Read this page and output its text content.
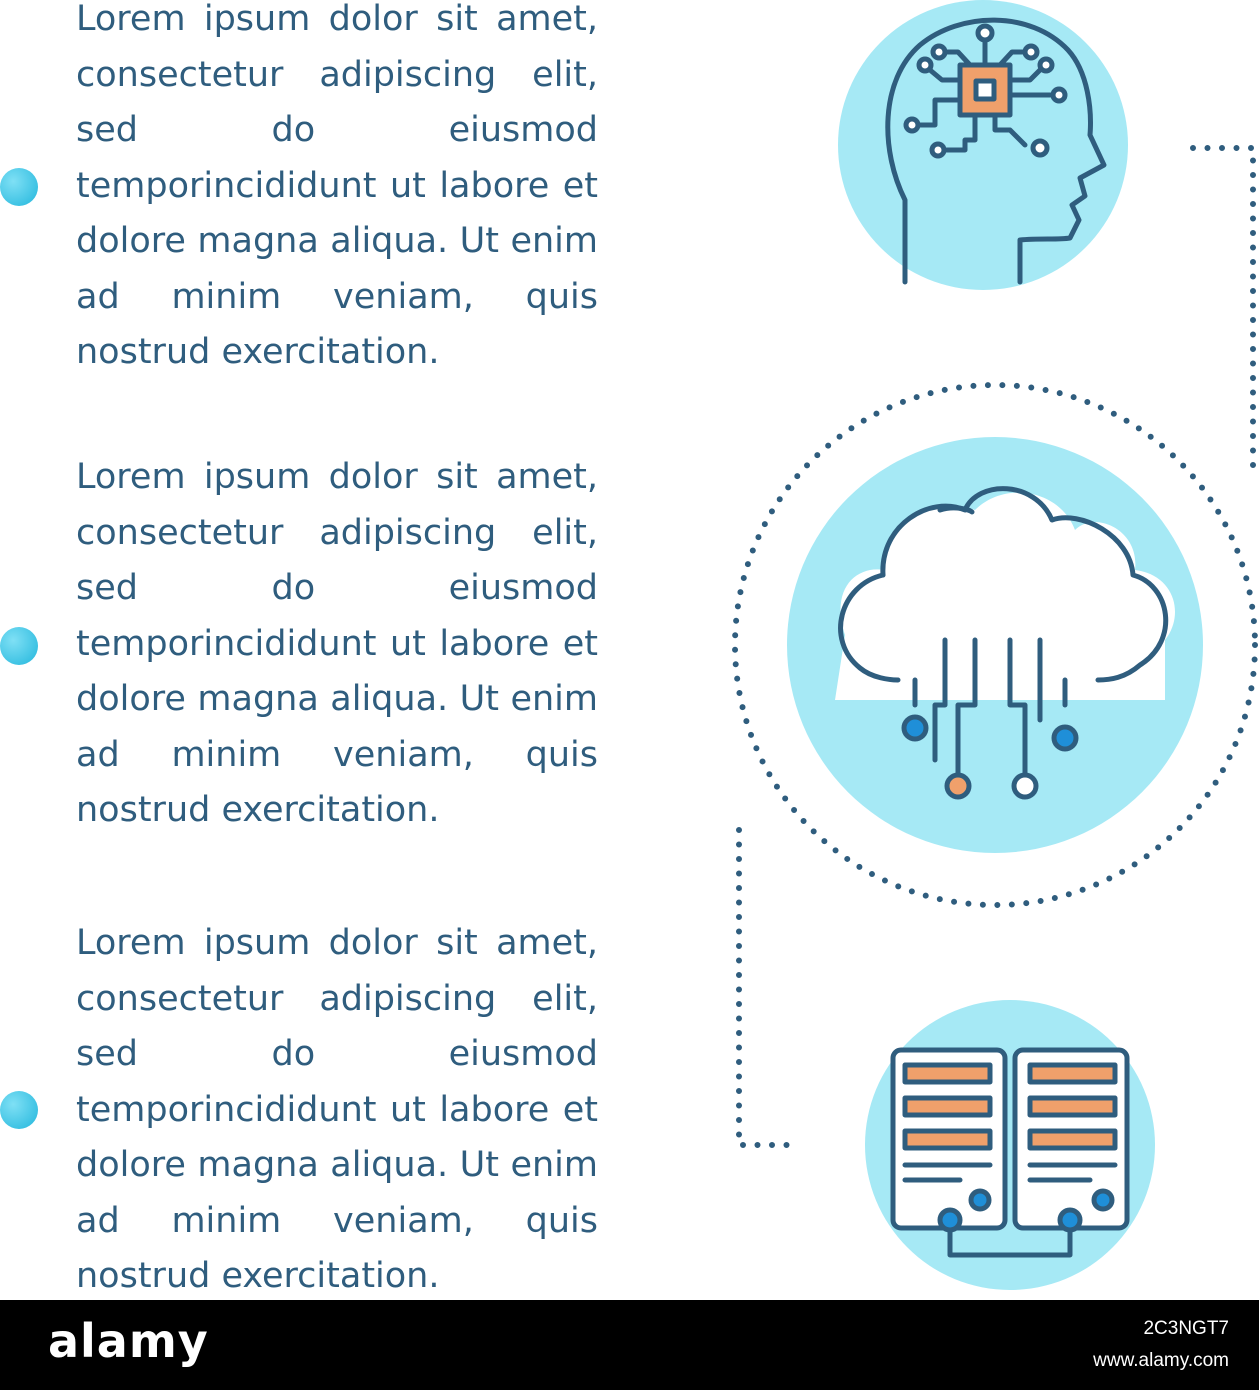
Lorem ipsum dolor sit amet, consectetur adipiscing elit, sed do eiusmod temporincididunt ut labore et dolore magna aliqua. Ut enim ad minim veniam, quis nostrud exercitation.

Lorem ipsum dolor sit amet, consectetur adipiscing elit, sed do eiusmod temporincididunt ut labore et dolore magna aliqua. Ut enim ad minim veniam, quis nostrud exercitation.

Lorem ipsum dolor sit amet, consectetur adipiscing elit, sed do eiusmod temporincididunt ut labore et dolore magna aliqua. Ut enim ad minim veniam, quis nostrud exercitation.

alamy	2C3NGT7
www.alamy.com
